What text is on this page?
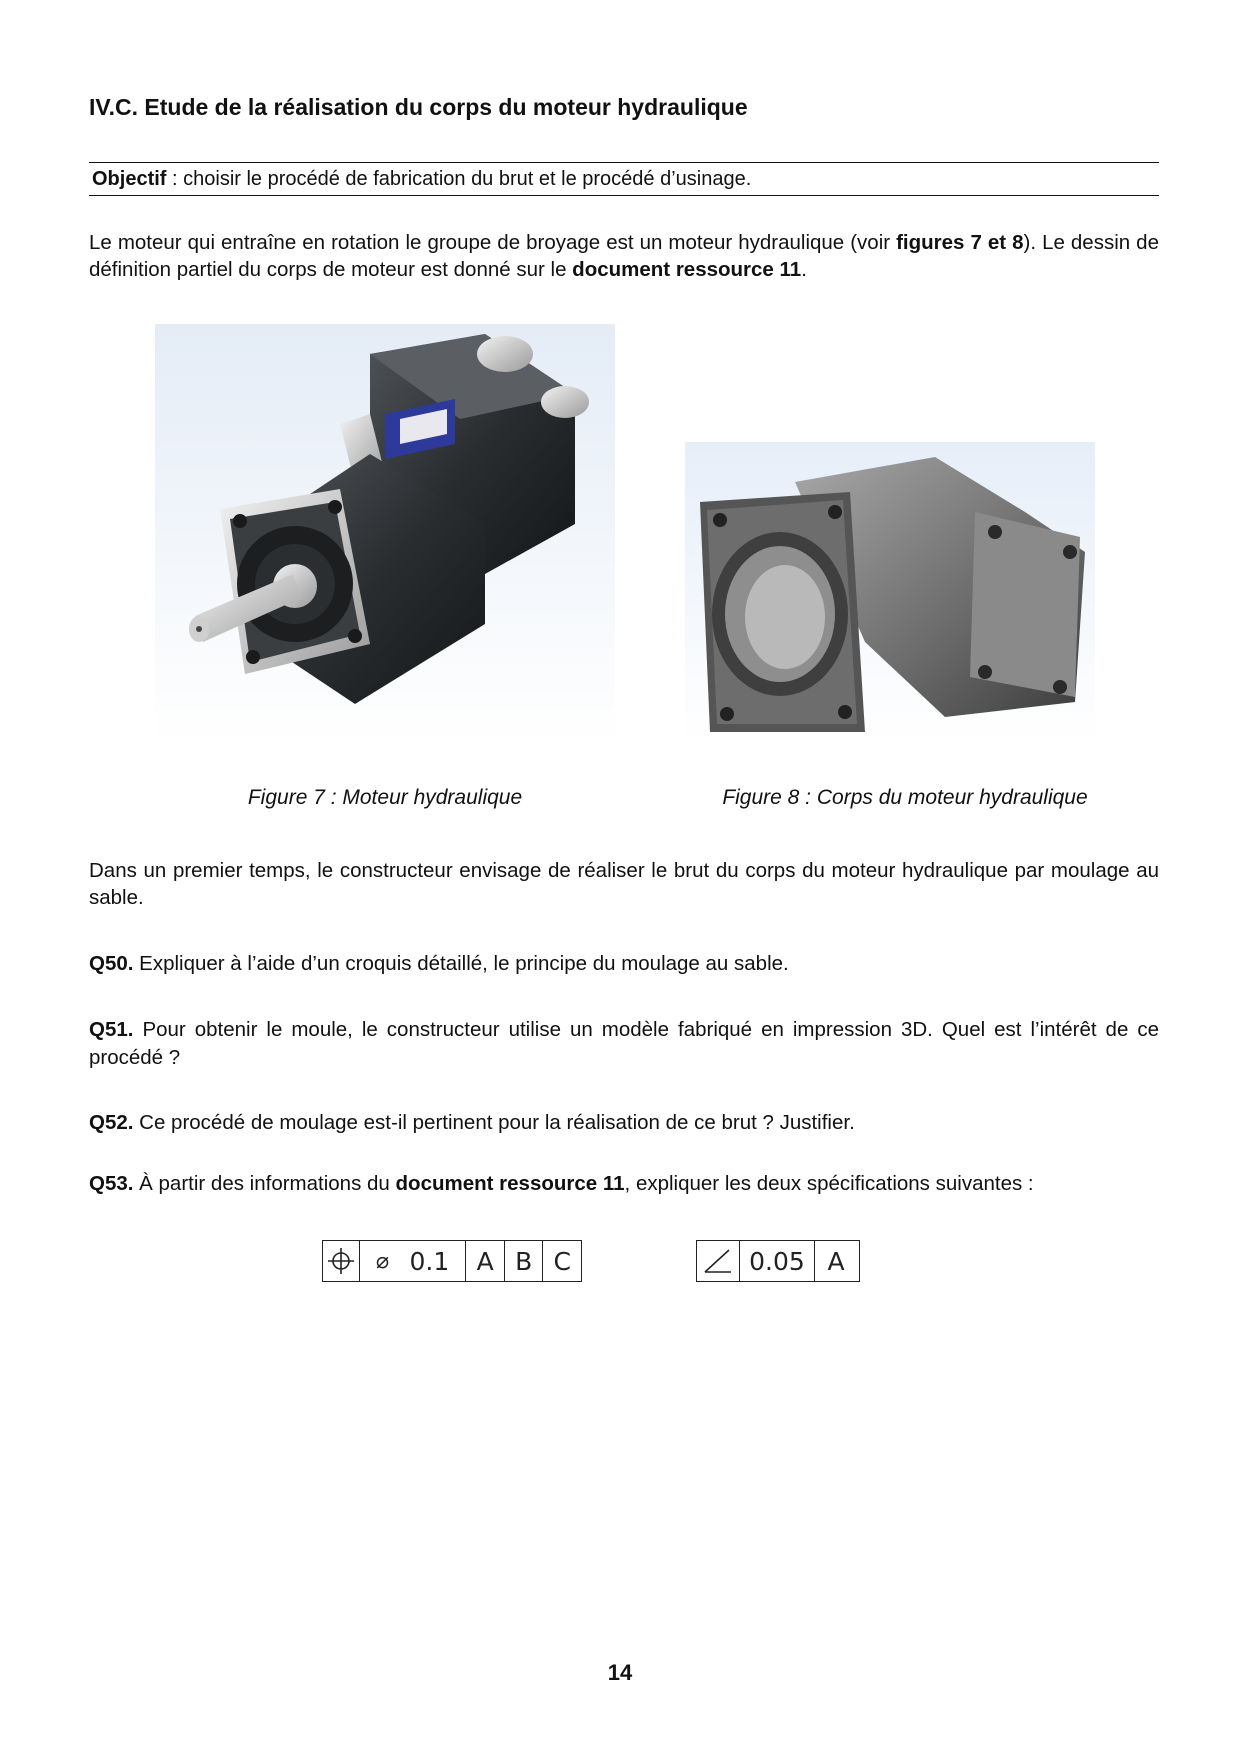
IV.C. Etude de la réalisation du corps du moteur hydraulique
Objectif : choisir le procédé de fabrication du brut et le procédé d’usinage.
Le moteur qui entraîne en rotation le groupe de broyage est un moteur hydraulique (voir figures 7 et 8). Le dessin de définition partiel du corps de moteur est donné sur le document ressource 11.
Figure 7 : Moteur hydraulique	Figure 8 : Corps du moteur hydraulique
Dans un premier temps, le constructeur envisage de réaliser le brut du corps du moteur hydraulique par moulage au sable.
Q50. Expliquer à l’aide d’un croquis détaillé, le principe du moulage au sable.
Q51. Pour obtenir le moule, le constructeur utilise un modèle fabriqué en impression 3D. Quel est l’intérêt de ce procédé ?
Q52. Ce procédé de moulage est-il pertinent pour la réalisation de ce brut ? Justifier.
Q53. À partir des informations du document ressource 11, expliquer les deux spécifications suivantes :
⌀ 0.1	A B C	0.05 A
14
